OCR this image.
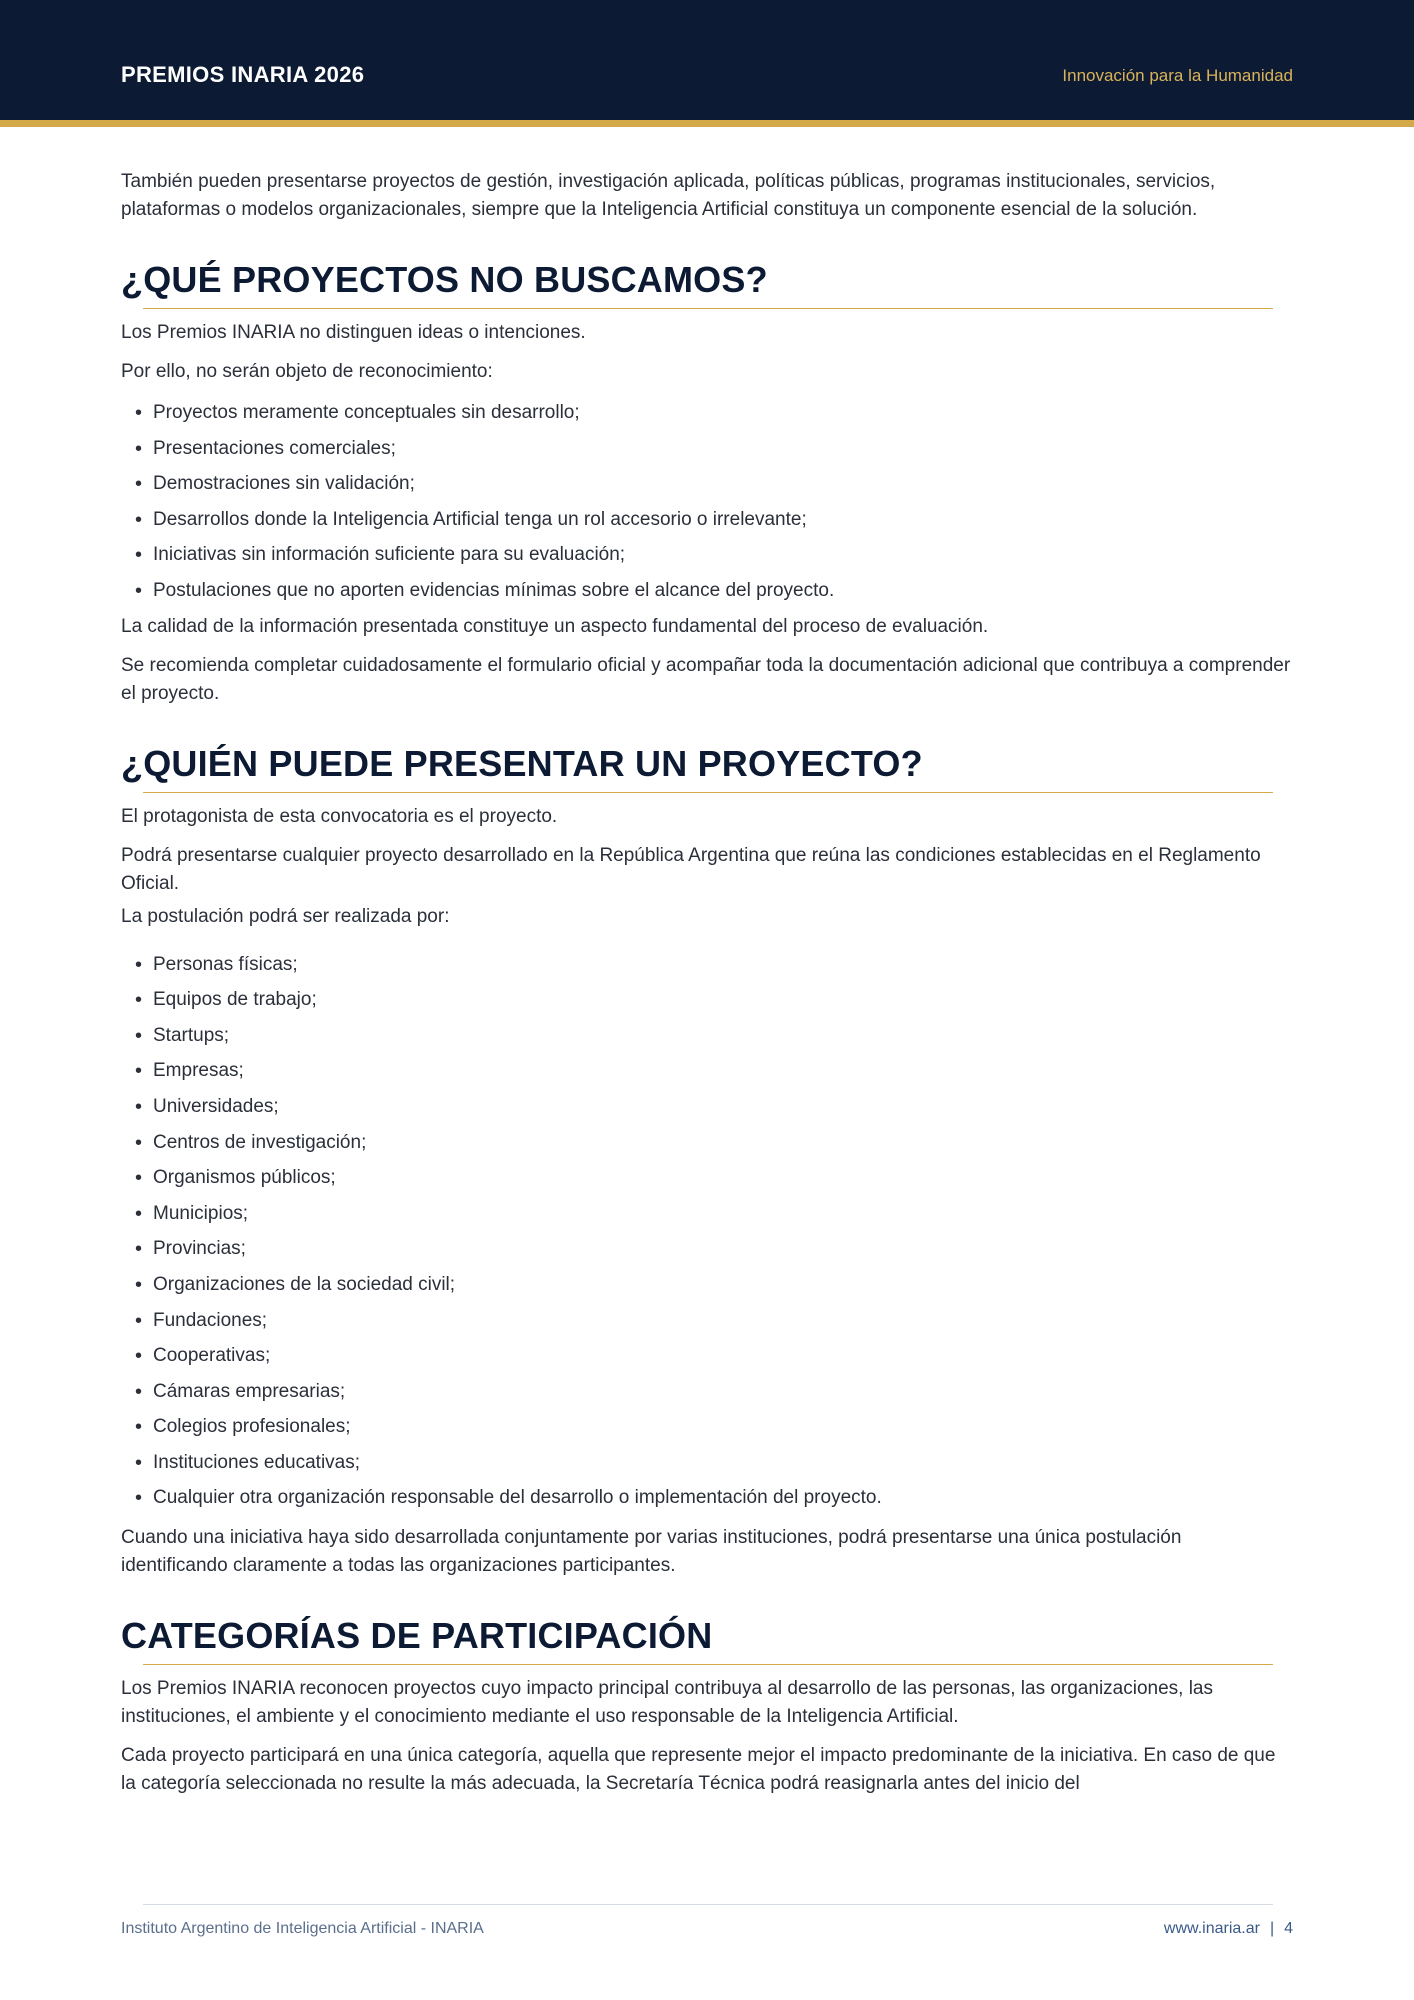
PREMIOS INARIA 2026	Innovación para la Humanidad

También pueden presentarse proyectos de gestión, investigación aplicada, políticas públicas, programas institucionales, servicios, plataformas o modelos organizacionales, siempre que la Inteligencia Artificial constituya un componente esencial de la solución.

¿QUÉ PROYECTOS NO BUSCAMOS?

Los Premios INARIA no distinguen ideas o intenciones.

Por ello, no serán objeto de reconocimiento:

• Proyectos meramente conceptuales sin desarrollo;
• Presentaciones comerciales;
• Demostraciones sin validación;
• Desarrollos donde la Inteligencia Artificial tenga un rol accesorio o irrelevante;
• Iniciativas sin información suficiente para su evaluación;
• Postulaciones que no aporten evidencias mínimas sobre el alcance del proyecto.

La calidad de la información presentada constituye un aspecto fundamental del proceso de evaluación.

Se recomienda completar cuidadosamente el formulario oficial y acompañar toda la documentación adicional que contribuya a comprender el proyecto.

¿QUIÉN PUEDE PRESENTAR UN PROYECTO?

El protagonista de esta convocatoria es el proyecto.

Podrá presentarse cualquier proyecto desarrollado en la República Argentina que reúna las condiciones establecidas en el Reglamento Oficial.

La postulación podrá ser realizada por:

• Personas físicas;
• Equipos de trabajo;
• Startups;
• Empresas;
• Universidades;
• Centros de investigación;
• Organismos públicos;
• Municipios;
• Provincias;
• Organizaciones de la sociedad civil;
• Fundaciones;
• Cooperativas;
• Cámaras empresarias;
• Colegios profesionales;
• Instituciones educativas;
• Cualquier otra organización responsable del desarrollo o implementación del proyecto.

Cuando una iniciativa haya sido desarrollada conjuntamente por varias instituciones, podrá presentarse una única postulación identificando claramente a todas las organizaciones participantes.

CATEGORÍAS DE PARTICIPACIÓN

Los Premios INARIA reconocen proyectos cuyo impacto principal contribuya al desarrollo de las personas, las organizaciones, las instituciones, el ambiente y el conocimiento mediante el uso responsable de la Inteligencia Artificial.

Cada proyecto participará en una única categoría, aquella que represente mejor el impacto predominante de la iniciativa. En caso de que la categoría seleccionada no resulte la más adecuada, la Secretaría Técnica podrá reasignarla antes del inicio del

Instituto Argentino de Inteligencia Artificial - INARIA	www.inaria.ar | 4
